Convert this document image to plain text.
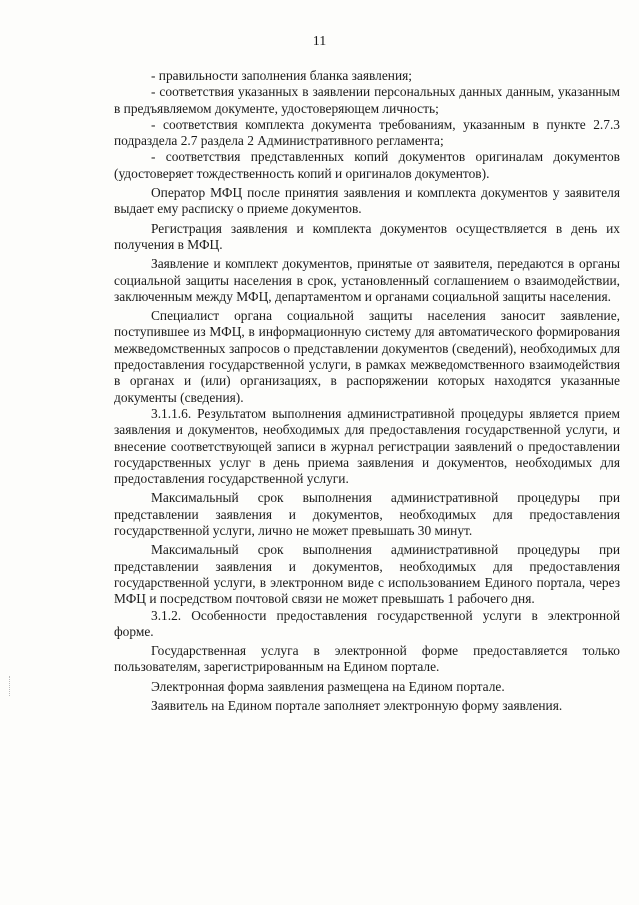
11

- правильности заполнения бланка заявления;

- соответствия указанных в заявлении персональных данных данным, указанным в предъявляемом документе, удостоверяющем личность;

- соответствия комплекта документа требованиям, указанным в пункте 2.7.3 подраздела 2.7 раздела 2 Административного регламента;

- соответствия представленных копий документов оригиналам документов (удостоверяет тождественность копий и оригиналов документов).

Оператор МФЦ после принятия заявления и комплекта документов у заявителя выдает ему расписку о приеме документов.

Регистрация заявления и комплекта документов осуществляется в день их получения в МФЦ.

Заявление и комплект документов, принятые от заявителя, передаются в органы социальной защиты населения в срок, установленный соглашением о взаимодействии, заключенным между МФЦ, департаментом и органами социальной защиты населения.

Специалист органа социальной защиты населения заносит заявление, поступившее из МФЦ, в информационную систему для автоматического формирования межведомственных запросов о представлении документов (сведений), необходимых для предоставления государственной услуги, в рамках межведомственного взаимодействия в органах и (или) организациях, в распоряжении которых находятся указанные документы (сведения).

3.1.1.6. Результатом выполнения административной процедуры является прием заявления и документов, необходимых для предоставления государственной услуги, и внесение соответствующей записи в журнал регистрации заявлений о предоставлении государственных услуг в день приема заявления и документов, необходимых для предоставления государственной услуги.

Максимальный срок выполнения административной процедуры при представлении заявления и документов, необходимых для предоставления государственной услуги, лично не может превышать 30 минут.

Максимальный срок выполнения административной процедуры при представлении заявления и документов, необходимых для предоставления государственной услуги, в электронном виде с использованием Единого портала, через МФЦ и посредством почтовой связи не может превышать 1 рабочего дня.

3.1.2. Особенности предоставления государственной услуги в электронной форме.

Государственная услуга в электронной форме предоставляется только пользователям, зарегистрированным на Едином портале.

Электронная форма заявления размещена на Едином портале.

Заявитель на Едином портале заполняет электронную форму заявления.
